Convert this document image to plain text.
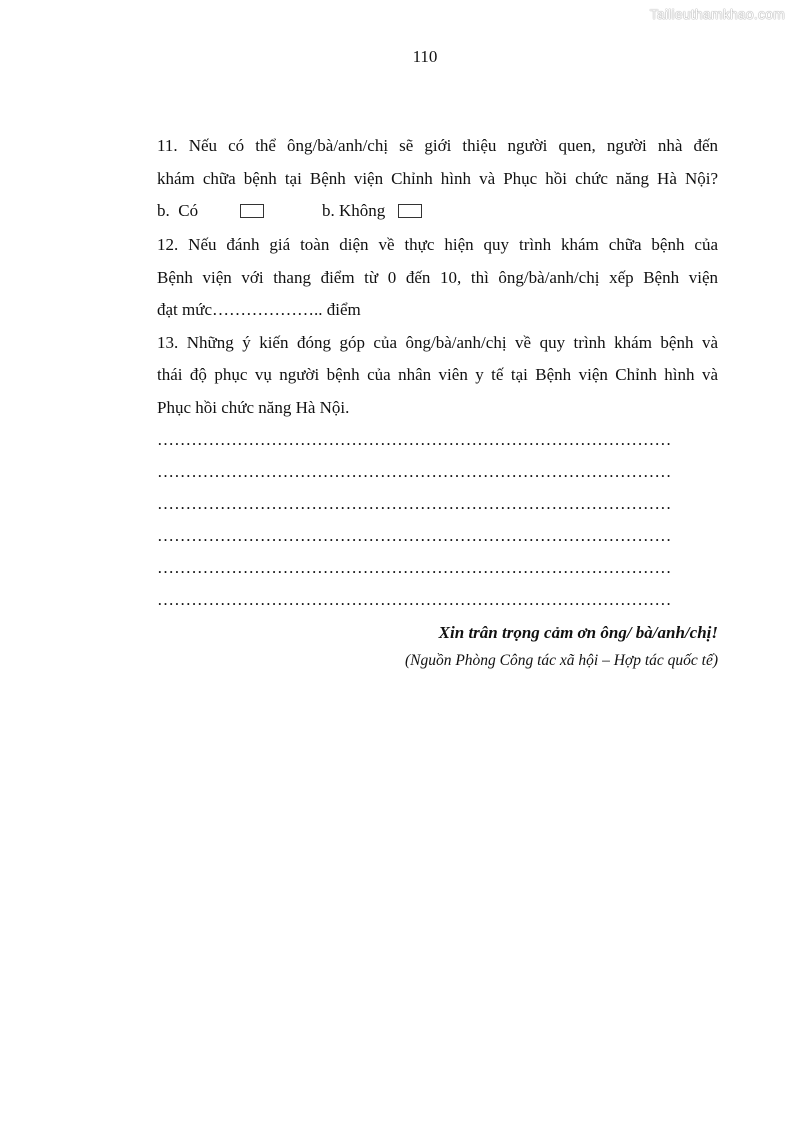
Tailieuthamkhao.com
110

11. Nếu có thể ông/bà/anh/chị sẽ giới thiệu người quen, người nhà đến

khám chữa bệnh tại Bệnh viện Chỉnh hình và Phục hồi chức năng Hà Nội?

b.  Có	b. Không

12. Nếu đánh giá toàn diện về thực hiện quy trình khám chữa bệnh của

Bệnh viện với thang điểm từ 0 đến 10, thì ông/bà/anh/chị xếp Bệnh viện

đạt mức……………….. điểm

13. Những ý kiến đóng góp của ông/bà/anh/chị về quy trình khám bệnh và

thái độ phục vụ người bệnh của nhân viên y tế tại Bệnh viện Chỉnh hình và

Phục hồi chức năng Hà Nội.

………………………………………………………………………………
………………………………………………………………………………
………………………………………………………………………………
………………………………………………………………………………
………………………………………………………………………………
………………………………………………………………………………
Xin trân trọng cảm ơn ông/ bà/anh/chị!
(Nguồn Phòng Công tác xã hội – Hợp tác quốc tế)
